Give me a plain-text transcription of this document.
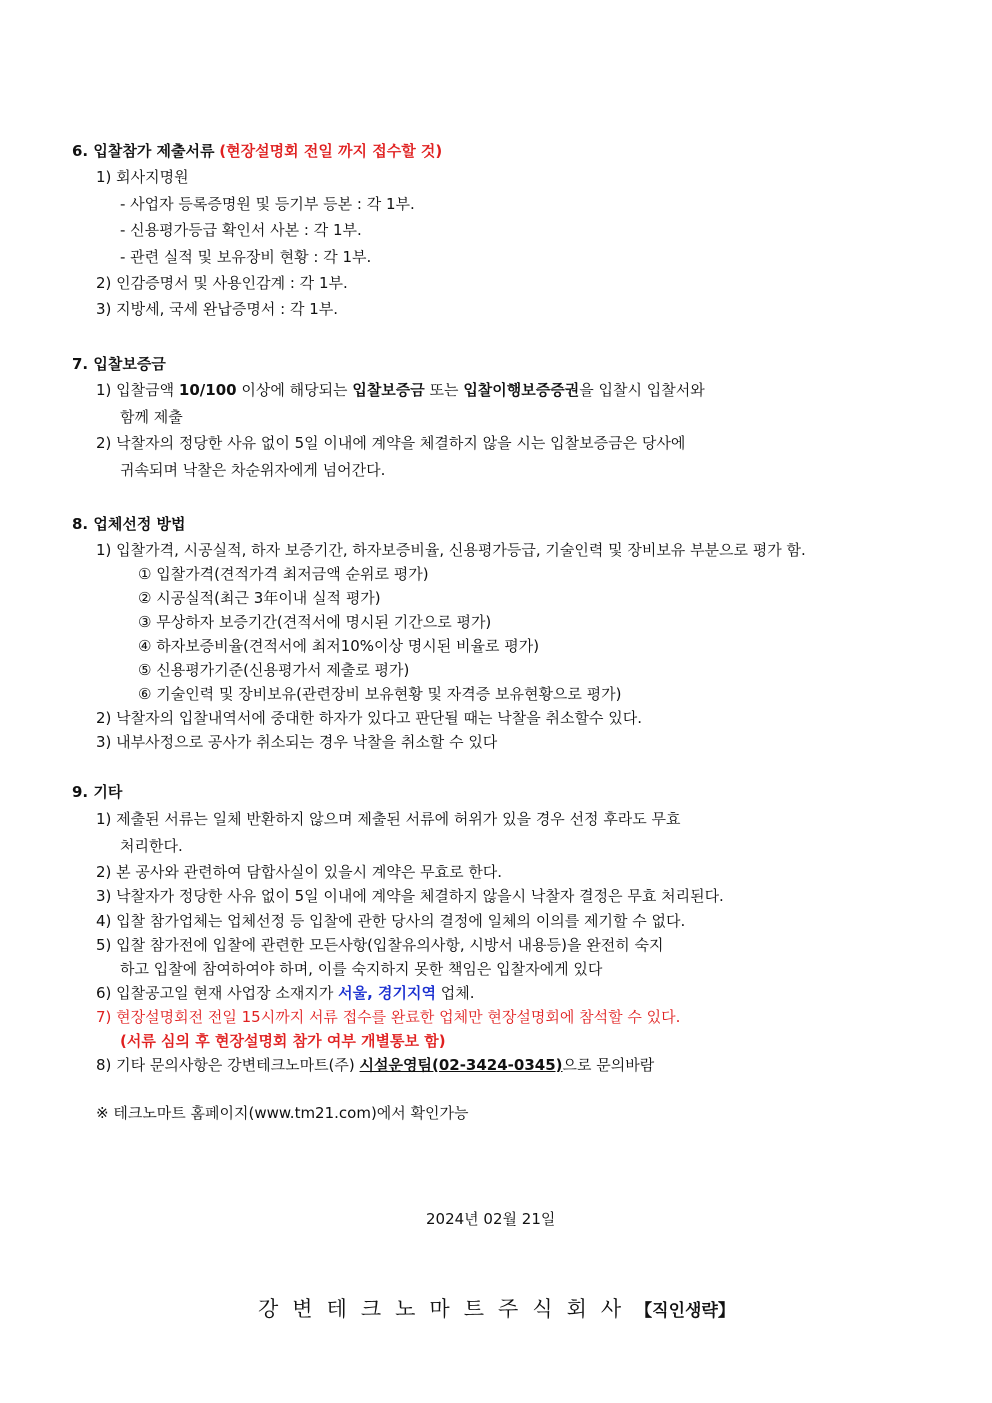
6. 입찰참가 제출서류 (현장설명회 전일 까지 접수할 것)
1) 회사지명원
- 사업자 등록증명원 및 등기부 등본 : 각 1부.
- 신용평가등급 확인서 사본 : 각 1부.
- 관련 실적 및 보유장비 현황 : 각 1부.
2) 인감증명서 및 사용인감계 : 각 1부.
3) 지방세, 국세 완납증명서 : 각 1부.
7. 입찰보증금
1) 입찰금액 10/100 이상에 해당되는 입찰보증금 또는 입찰이행보증증권을 입찰시 입찰서와
함께 제출
2) 낙찰자의 정당한 사유 없이 5일 이내에 계약을 체결하지 않을 시는 입찰보증금은 당사에
귀속되며 낙찰은 차순위자에게 넘어간다.
8. 업체선정 방법
1) 입찰가격, 시공실적, 하자 보증기간, 하자보증비율, 신용평가등급, 기술인력 및 장비보유 부분으로 평가 함.
① 입찰가격(견적가격 최저금액 순위로 평가)
② 시공실적(최근 3年이내 실적 평가)
③ 무상하자 보증기간(견적서에 명시된 기간으로 평가)
④ 하자보증비율(견적서에 최저10%이상 명시된 비율로 평가)
⑤ 신용평가기준(신용평가서 제출로 평가)
⑥ 기술인력 및 장비보유(관련장비 보유현황 및 자격증 보유현황으로 평가)
2) 낙찰자의 입찰내역서에 중대한 하자가 있다고 판단될 때는 낙찰을 취소할수 있다.
3) 내부사정으로 공사가 취소되는 경우 낙찰을 취소할 수 있다
9. 기타
1) 제출된 서류는 일체 반환하지 않으며 제출된 서류에 허위가 있을 경우 선정 후라도 무효
처리한다.
2) 본 공사와 관련하여 담합사실이 있을시 계약은 무효로 한다.
3) 낙찰자가 정당한 사유 없이 5일 이내에 계약을 체결하지 않을시 낙찰자 결정은 무효 처리된다.
4) 입찰 참가업체는 업체선정 등 입찰에 관한 당사의 결정에 일체의 이의를 제기할 수 없다.
5) 입찰 참가전에 입찰에 관련한 모든사항(입찰유의사항, 시방서 내용등)을 완전히 숙지
하고 입찰에 참여하여야 하며, 이를 숙지하지 못한 책임은 입찰자에게 있다
6) 입찰공고일 현재 사업장 소재지가 서울, 경기지역 업체.
7) 현장설명회전 전일 15시까지 서류 접수를 완료한 업체만 현장설명회에 참석할 수 있다.
(서류 심의 후 현장설명회 참가 여부 개별통보 함)
8) 기타 문의사항은 강변테크노마트(주) 시설운영팀(02-3424-0345)으로 문의바람
※ 테크노마트 홈페이지(www.tm21.com)에서 확인가능
2024년 02월 21일
강변테크노마트주식회사【직인생략】
